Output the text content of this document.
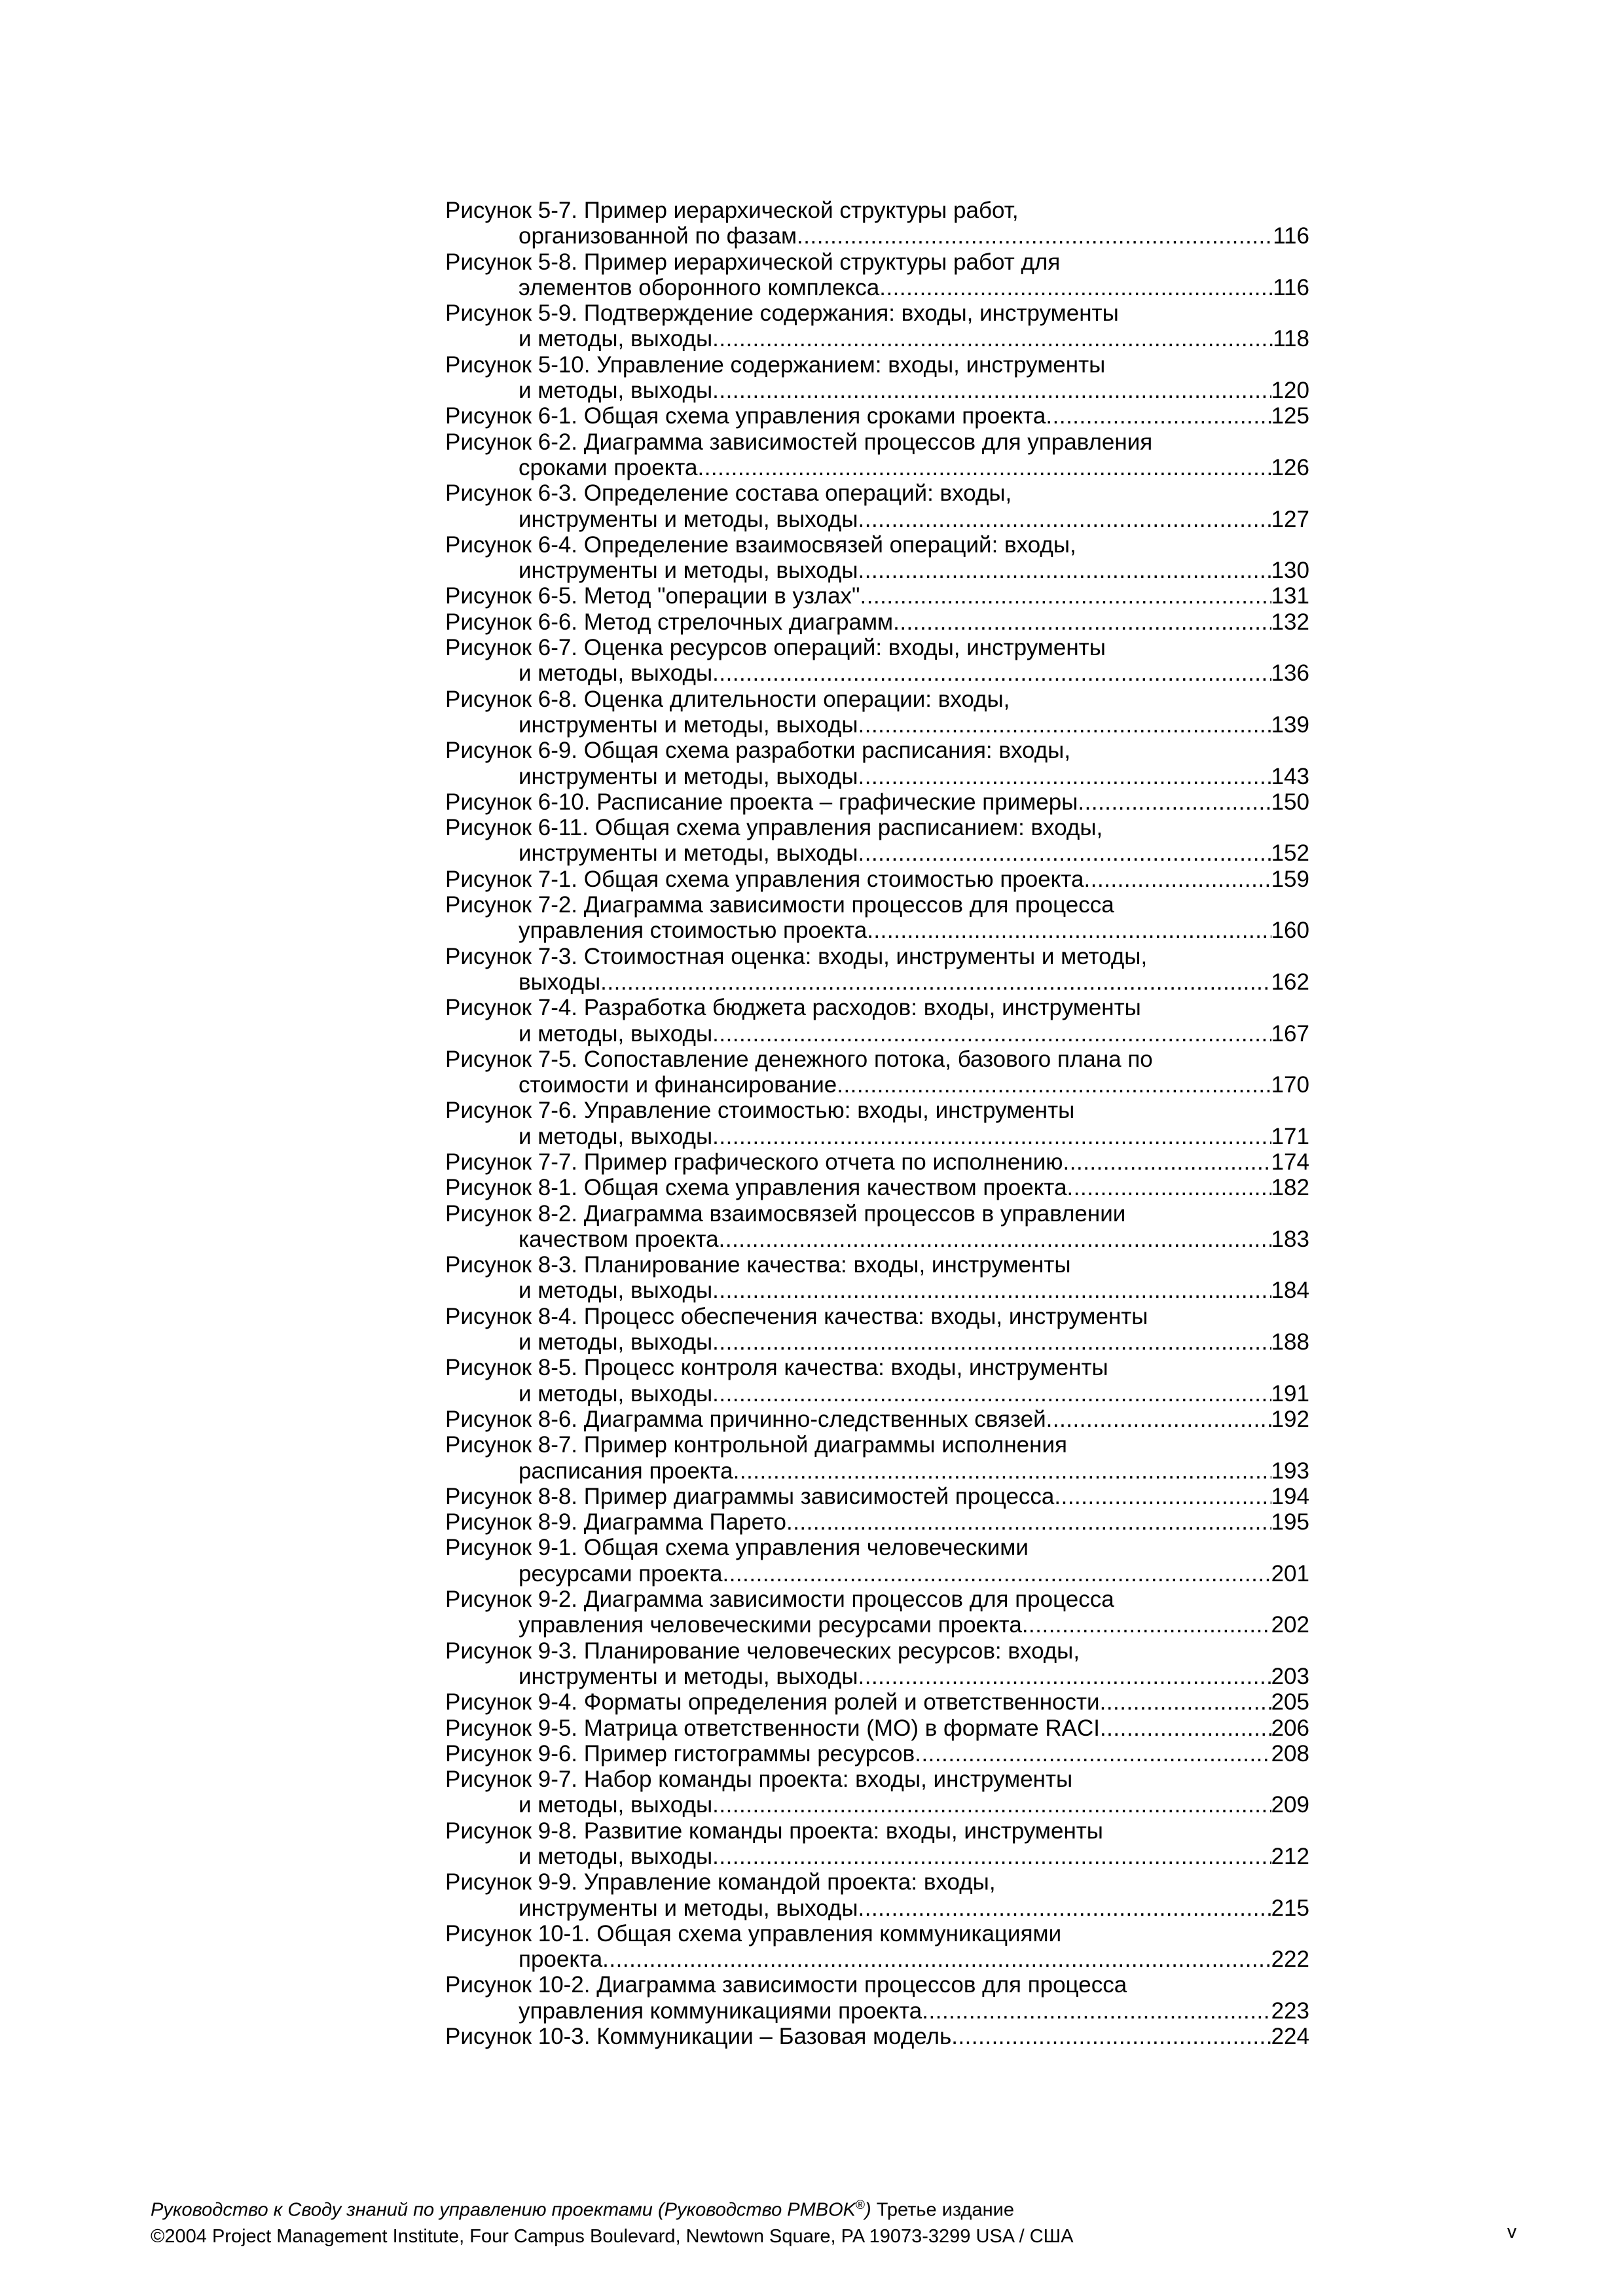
Рисунок 5-7. Пример иерархической структуры работ,
организованной по фазам .....	116
Рисунок 5-8. Пример иерархической структуры работ для
элементов оборонного комплекса .....	116
Рисунок 5-9. Подтверждение содержания: входы, инструменты
и методы, выходы .....	118
Рисунок 5-10. Управление содержанием: входы, инструменты
и методы, выходы .....	120
Рисунок 6-1. Общая схема управления сроками проекта .....	125
Рисунок 6-2. Диаграмма зависимостей процессов для управления
сроками проекта .....	126
Рисунок 6-3. Определение состава операций: входы,
инструменты и методы, выходы .....	127
Рисунок 6-4. Определение взаимосвязей операций: входы,
инструменты и методы, выходы .....	130
Рисунок 6-5. Метод "операции в узлах" .....	131
Рисунок 6-6. Метод стрелочных диаграмм .....	132
Рисунок 6-7. Оценка ресурсов операций: входы, инструменты
и методы, выходы .....	136
Рисунок 6-8. Оценка длительности операции: входы,
инструменты и методы, выходы .....	139
Рисунок 6-9. Общая схема разработки расписания: входы,
инструменты и методы, выходы .....	143
Рисунок 6-10. Расписание проекта – графические примеры .....	150
Рисунок 6-11. Общая схема управления расписанием: входы,
инструменты и методы, выходы .....	152
Рисунок 7-1. Общая схема управления стоимостью проекта .....	159
Рисунок 7-2. Диаграмма зависимости процессов для процесса
управления стоимостью проекта .....	160
Рисунок 7-3. Стоимостная оценка: входы, инструменты и методы,
выходы .....	162
Рисунок 7-4. Разработка бюджета расходов: входы, инструменты
и методы, выходы .....	167
Рисунок 7-5. Сопоставление денежного потока, базового плана по
стоимости и финансирование .....	170
Рисунок 7-6. Управление стоимостью: входы, инструменты
и методы, выходы .....	171
Рисунок 7-7. Пример графического отчета по исполнению .....	174
Рисунок 8-1. Общая схема управления качеством проекта .....	182
Рисунок 8-2. Диаграмма взаимосвязей процессов в управлении
качеством проекта .....	183
Рисунок 8-3. Планирование качества: входы, инструменты
и методы, выходы .....	184
Рисунок 8-4. Процесс обеспечения качества: входы, инструменты
и методы, выходы .....	188
Рисунок 8-5. Процесс контроля качества: входы, инструменты
и методы, выходы .....	191
Рисунок 8-6. Диаграмма причинно-следственных связей .....	192
Рисунок 8-7. Пример контрольной диаграммы исполнения
расписания проекта .....	193
Рисунок 8-8. Пример диаграммы зависимостей процесса .....	194
Рисунок 8-9. Диаграмма Парето .....	195
Рисунок 9-1. Общая схема управления человеческими
ресурсами проекта .....	201
Рисунок 9-2. Диаграмма зависимости процессов для процесса
управления человеческими ресурсами проекта .....	202
Рисунок 9-3. Планирование человеческих ресурсов: входы,
инструменты и методы, выходы .....	203
Рисунок 9-4. Форматы определения ролей и ответственности .....	205
Рисунок 9-5. Матрица ответственности (МО) в формате RACI .....	206
Рисунок 9-6. Пример гистограммы ресурсов .....	208
Рисунок 9-7. Набор команды проекта: входы, инструменты
и методы, выходы .....	209
Рисунок 9-8. Развитие команды проекта: входы, инструменты
и методы, выходы .....	212
Рисунок 9-9. Управление командой проекта: входы,
инструменты и методы, выходы .....	215
Рисунок 10-1. Общая схема управления коммуникациями
проекта .....	222
Рисунок 10-2. Диаграмма зависимости процессов для процесса
управления коммуникациями проекта .....	223
Рисунок 10-3. Коммуникации – Базовая модель .....	224
Руководство к Своду знаний по управлению проектами (Руководство PMBOK®) Третье издание
©2004 Project Management Institute, Four Campus Boulevard, Newtown Square, PA 19073-3299 USA / США	v
